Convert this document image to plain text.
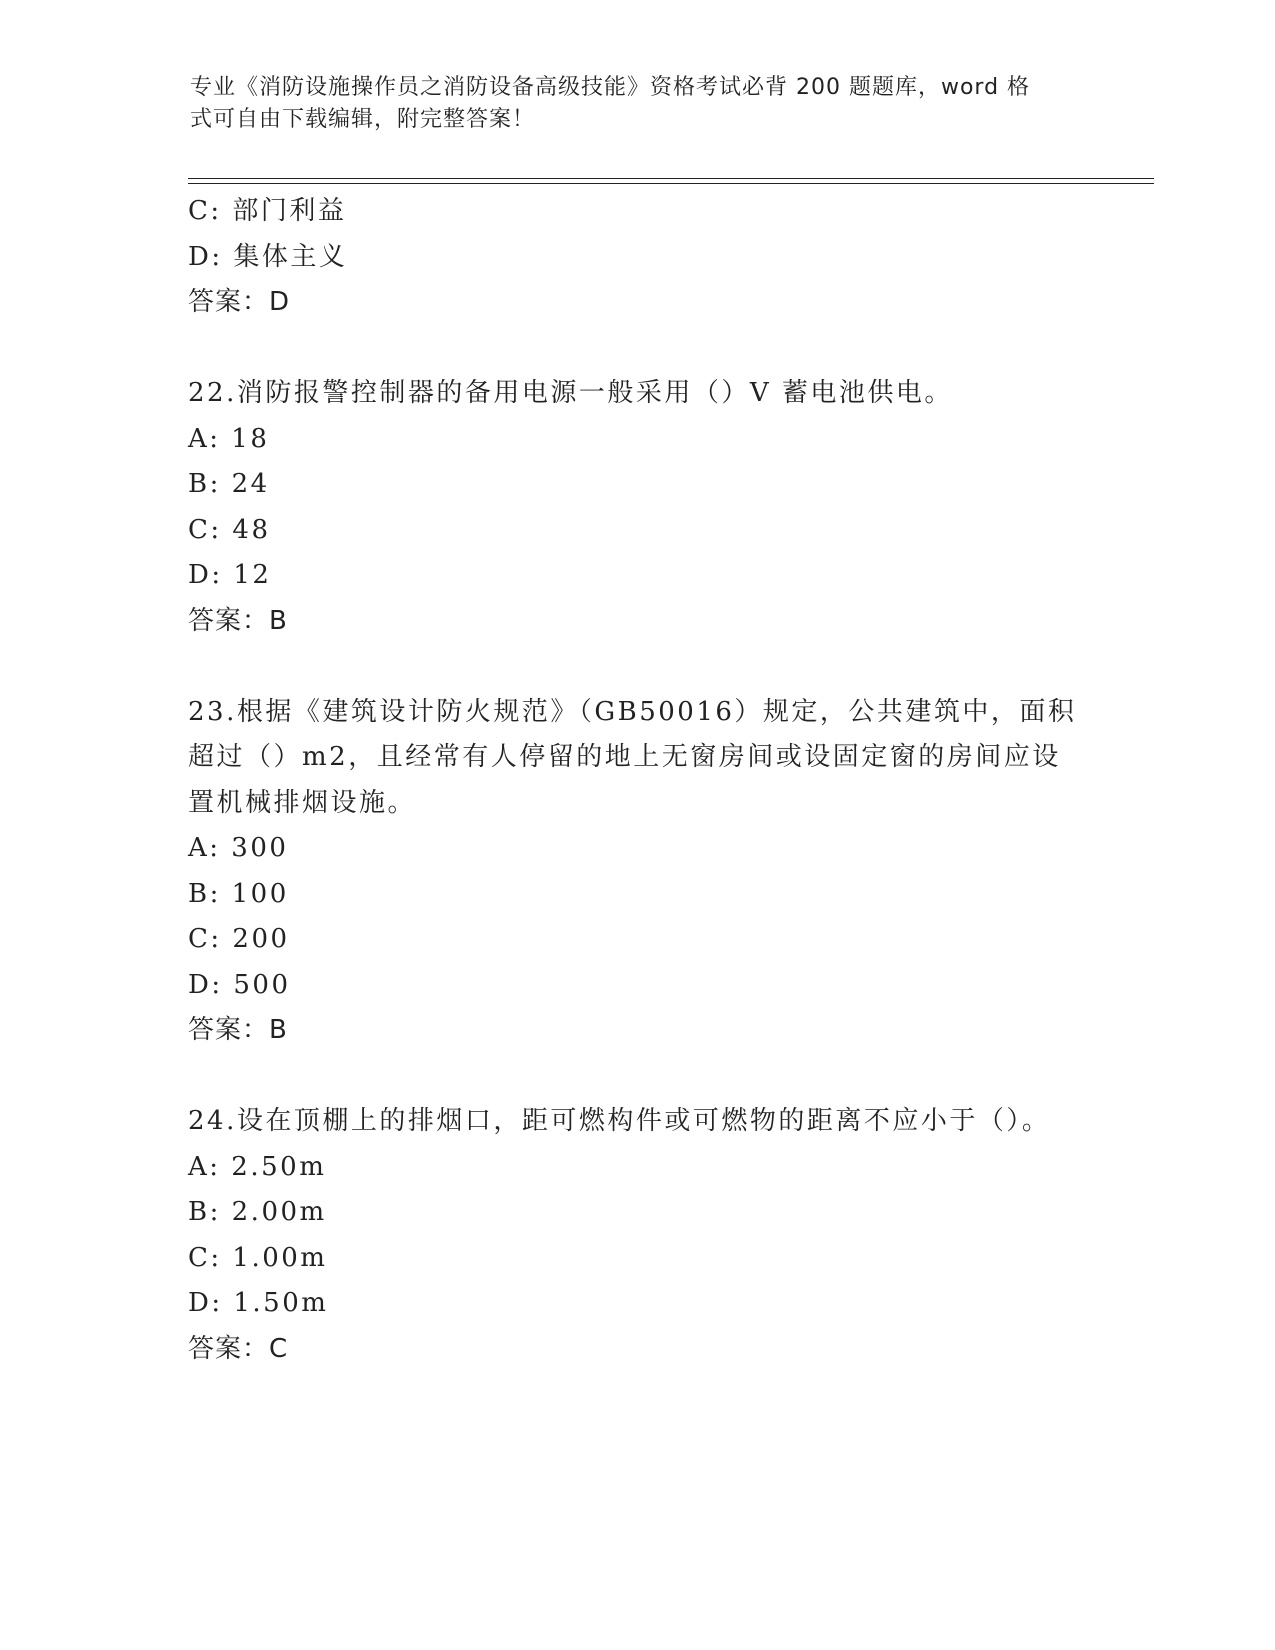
专业《消防设施操作员之消防设备高级技能》资格考试必背 200 题题库，word 格
式可自由下载编辑，附完整答案！
C: 部门利益
D: 集体主义
答案：D
22.消防报警控制器的备用电源一般采用（）V 蓄电池供电。
A: 18
B: 24
C: 48
D: 12
答案：B
23.根据《建筑设计防火规范》（GB50016）规定，公共建筑中，面积
超过（）m2，且经常有人停留的地上无窗房间或设固定窗的房间应设
置机械排烟设施。
A: 300
B: 100
C: 200
D: 500
答案：B
24.设在顶棚上的排烟口，距可燃构件或可燃物的距离不应小于（）。
A: 2.50m
B: 2.00m
C: 1.00m
D: 1.50m
答案：C
